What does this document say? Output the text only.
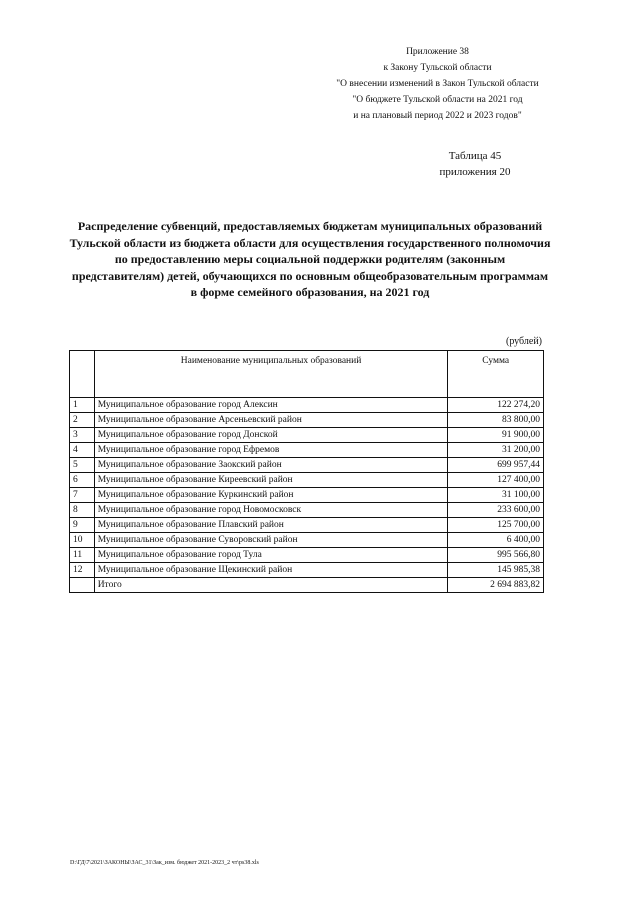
Приложение 38
к Закону Тульской области
"О внесении изменений в Закон Тульской области
"О бюджете Тульской области на 2021 год
и на плановый период 2022 и 2023 годов"
Таблица 45
приложения 20
Распределение субвенций, предоставляемых бюджетам муниципальных образований Тульской области из бюджета области для осуществления государственного полномочия по предоставлению меры социальной поддержки родителям (законным представителям) детей, обучающихся по основным общеобразовательным программам в форме семейного образования, на 2021 год
(рублей)
	Наименование муниципальных образований	Сумма
1	Муниципальное образование город Алексин	122 274,20
2	Муниципальное образование Арсеньевский район	83 800,00
3	Муниципальное образование город Донской	91 900,00
4	Муниципальное образование город Ефремов	31 200,00
5	Муниципальное образование Заокский район	699 957,44
6	Муниципальное образование Киреевский район	127 400,00
7	Муниципальное образование Куркинский район	31 100,00
8	Муниципальное образование город Новомосковск	233 600,00
9	Муниципальное образование Плавский район	125 700,00
10	Муниципальное образование Суворовский район	6 400,00
11	Муниципальное образование город Тула	995 566,80
12	Муниципальное образование Щекинский район	145 985,38
	Итого	2 694 883,82
D:\ГД\7\2021\ЗАКОНЫ\ЗАС_31\Зак_изм. бюджет 2021-2023_2 чт\ps38.xls
